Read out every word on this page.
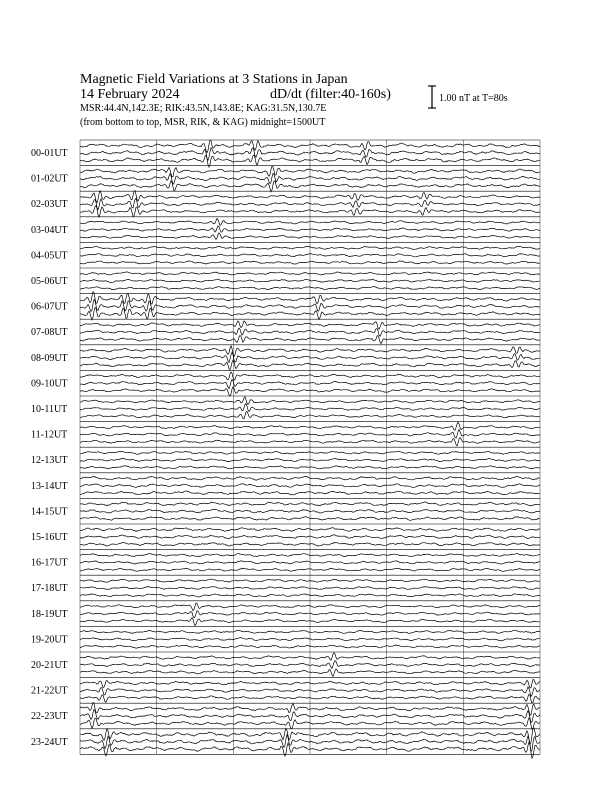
Magnetic Field Variations at 3 Stations in Japan
14 February 2024	dD/dt (filter:40-160s)
MSR:44.4N,142.3E; RIK:43.5N,143.8E; KAG:31.5N,130.7E
(from bottom to top, MSR, RIK, & KAG) midnight=1500UT
1.00 nT at T=80s
00-01UT
01-02UT
02-03UT
03-04UT
04-05UT
05-06UT
06-07UT
07-08UT
08-09UT
09-10UT
10-11UT
11-12UT
12-13UT
13-14UT
14-15UT
15-16UT
16-17UT
17-18UT
18-19UT
19-20UT
20-21UT
21-22UT
22-23UT
23-24UT
